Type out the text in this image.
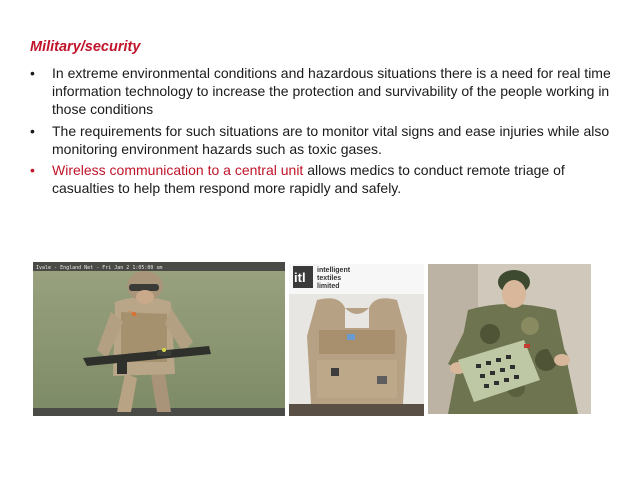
Military/security
•	In extreme environmental conditions and hazardous situations there is a need for real time information technology to increase the protection and survivability of the people working in those conditions
•	The requirements for such situations are to monitor vital signs and ease injuries while also monitoring environment hazards such as toxic gases.
•	Wireless communication to a central unit allows medics to conduct remote triage of casualties to help them respond more rapidly and safely.
Ivale - England Net - Fri Jan 2 1:05:00 sm
itl intelligent
textiles
limited
